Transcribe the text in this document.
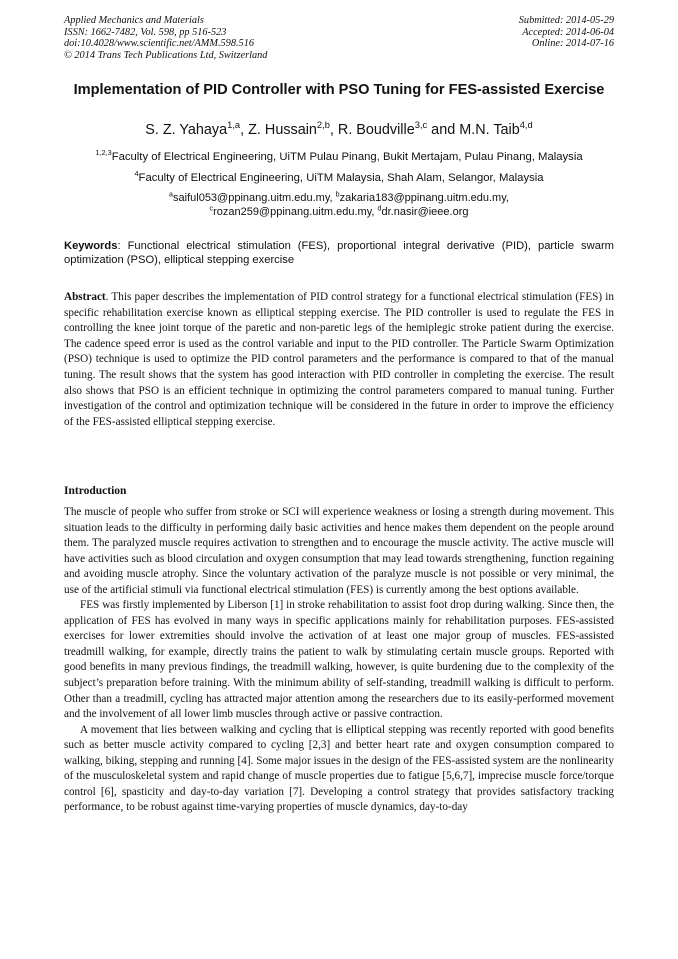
Applied Mechanics and Materials
ISSN: 1662-7482, Vol. 598, pp 516-523
doi:10.4028/www.scientific.net/AMM.598.516
© 2014 Trans Tech Publications Ltd, Switzerland
Submitted: 2014-05-29
Accepted: 2014-06-04
Online: 2014-07-16
Implementation of PID Controller with PSO Tuning for FES-assisted Exercise
S. Z. Yahaya$^{1,a}$, Z. Hussain$^{2,b}$, R. Boudville$^{3,c}$ and M.N. Taib$^{4,d}$
$^{1,2,3}$Faculty of Electrical Engineering, UiTM Pulau Pinang, Bukit Mertajam, Pulau Pinang, Malaysia
$^4$Faculty of Electrical Engineering, UiTM Malaysia, Shah Alam, Selangor, Malaysia
$^a$saiful053@ppinang.uitm.edu.my, $^b$zakaria183@ppinang.uitm.edu.my,
$^c$rozan259@ppinang.uitm.edu.my, $^d$dr.nasir@ieee.org
Keywords: Functional electrical stimulation (FES), proportional integral derivative (PID), particle swarm optimization (PSO), elliptical stepping exercise
Abstract. This paper describes the implementation of PID control strategy for a functional electrical stimulation (FES) in specific rehabilitation exercise known as elliptical stepping exercise. The PID controller is used to regulate the FES in controlling the knee joint torque of the paretic and non-paretic legs of the hemiplegic stroke patient during the exercise. The cadence speed error is used as the control variable and input to the PID controller. The Particle Swarm Optimization (PSO) technique is used to optimize the PID control parameters and the performance is compared to that of the manual tuning. The result shows that the system has good interaction with PID controller in completing the exercise. The result also shows that PSO is an efficient technique in optimizing the control parameters compared to manual tuning. Further investigation of the control and optimization technique will be considered in the future in order to improve the efficiency of the FES-assisted elliptical stepping exercise.
Introduction

The muscle of people who suffer from stroke or SCI will experience weakness or losing a strength during movement. This situation leads to the difficulty in performing daily basic activities and hence makes them dependent on the people around them. The paralyzed muscle requires activation to strengthen and to encourage the muscle activity. The active muscle will have activities such as blood circulation and oxygen consumption that may lead towards strengthening, function regaining and avoiding muscle atrophy. Since the voluntary activation of the paralyze muscle is not possible or very minimal, the use of the artificial stimuli via functional electrical stimulation (FES) is currently among the best options available.

FES was firstly implemented by Liberson [1] in stroke rehabilitation to assist foot drop during walking. Since then, the application of FES has evolved in many ways in specific applications mainly for rehabilitation purposes. FES-assisted exercises for lower extremities should involve the activation of at least one major group of muscles. FES-assisted treadmill walking, for example, directly trains the patient to walk by stimulating certain muscle groups. Reported with good benefits in many previous findings, the treadmill walking, however, is quite burdening due to the complexity of the subject’s preparation before training. With the minimum ability of self-standing, treadmill walking is difficult to perform. Other than a treadmill, cycling has attracted major attention among the researchers due to its easily-performed movement and the involvement of all lower limb muscles through active or passive contraction.

A movement that lies between walking and cycling that is elliptical stepping was recently reported with good benefits such as better muscle activity compared to cycling [2,3] and better heart rate and oxygen consumption compared to walking, biking, stepping and running [4]. Some major issues in the design of the FES-assisted system are the nonlinearity of the musculoskeletal system and rapid change of muscle properties due to fatigue [5,6,7], imprecise muscle force/torque control [6], spasticity and day-to-day variation [7]. Developing a control strategy that provides satisfactory tracking performance, to be robust against time-varying properties of muscle dynamics, day-to-day
